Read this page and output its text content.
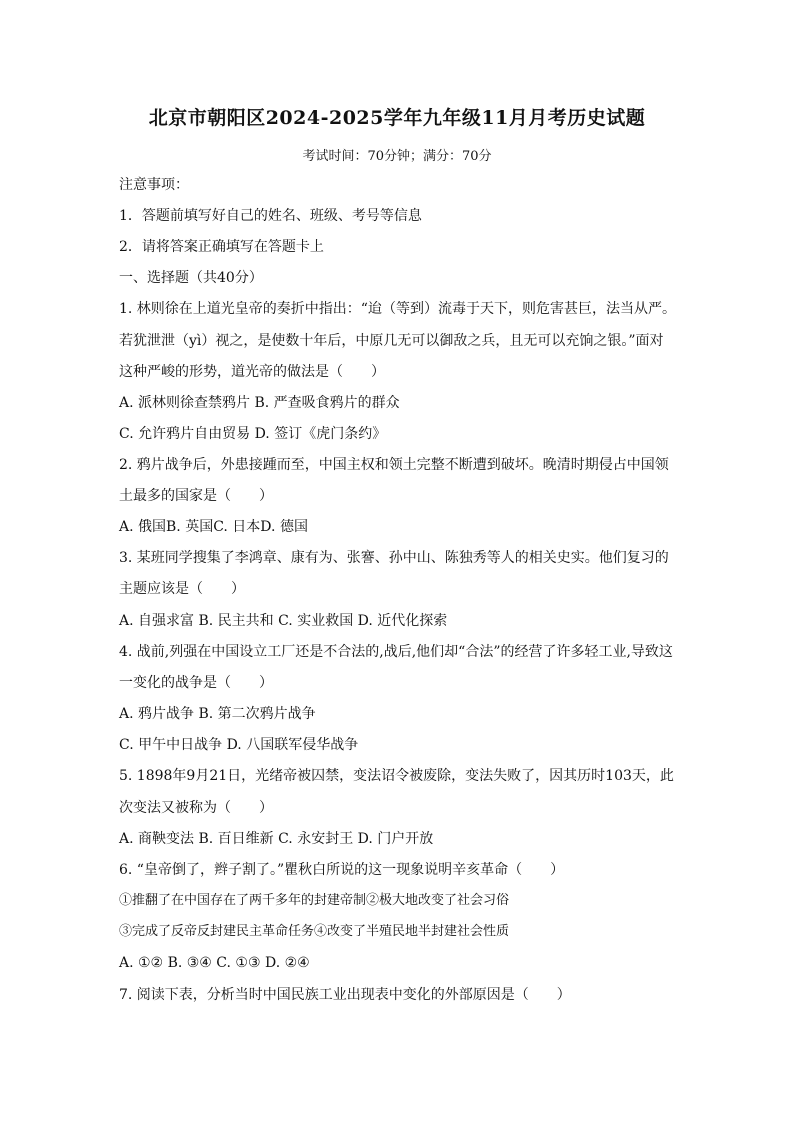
北京市朝阳区2024-2025学年九年级11月月考历史试题
考试时间：70分钟；满分：70分
注意事项：
1．答题前填写好自己的姓名、班级、考号等信息
2．请将答案正确填写在答题卡上
一、选择题（共40分）
1. 林则徐在上道光皇帝的奏折中指出：“迨（等到）流毒于天下，则危害甚巨，法当从严。
若犹泄泄（yì）视之，是使数十年后，中原几无可以御敌之兵，且无可以充饷之银。”面对
这种严峻的形势，道光帝的做法是（　　）
A. 派林则徐查禁鸦片 B. 严查吸食鸦片的群众
C. 允许鸦片自由贸易 D. 签订《虎门条约》
2. 鸦片战争后，外患接踵而至，中国主权和领土完整不断遭到破坏。晚清时期侵占中国领
土最多的国家是（　　）
A. 俄国B. 英国C. 日本D. 德国
3. 某班同学搜集了李鸿章、康有为、张謇、孙中山、陈独秀等人的相关史实。他们复习的
主题应该是（　　）
A. 自强求富 B. 民主共和 C. 实业救国 D. 近代化探索
4. 战前,列强在中国设立工厂还是不合法的,战后,他们却“合法”的经营了许多轻工业,导致这
一变化的战争是（　　）
A. 鸦片战争 B. 第二次鸦片战争
C. 甲午中日战争 D. 八国联军侵华战争
5. 1898年9月21日，光绪帝被囚禁，变法诏令被废除，变法失败了，因其历时103天，此
次变法又被称为（　　）
A. 商鞅变法 B. 百日维新 C. 永安封王 D. 门户开放
6. “皇帝倒了，辫子割了。”瞿秋白所说的这一现象说明辛亥革命（　　）
①推翻了在中国存在了两千多年的封建帝制②极大地改变了社会习俗
③完成了反帝反封建民主革命任务④改变了半殖民地半封建社会性质
A. ①② B. ③④ C. ①③ D. ②④
7. 阅读下表，分析当时中国民族工业出现表中变化的外部原因是（　　）
